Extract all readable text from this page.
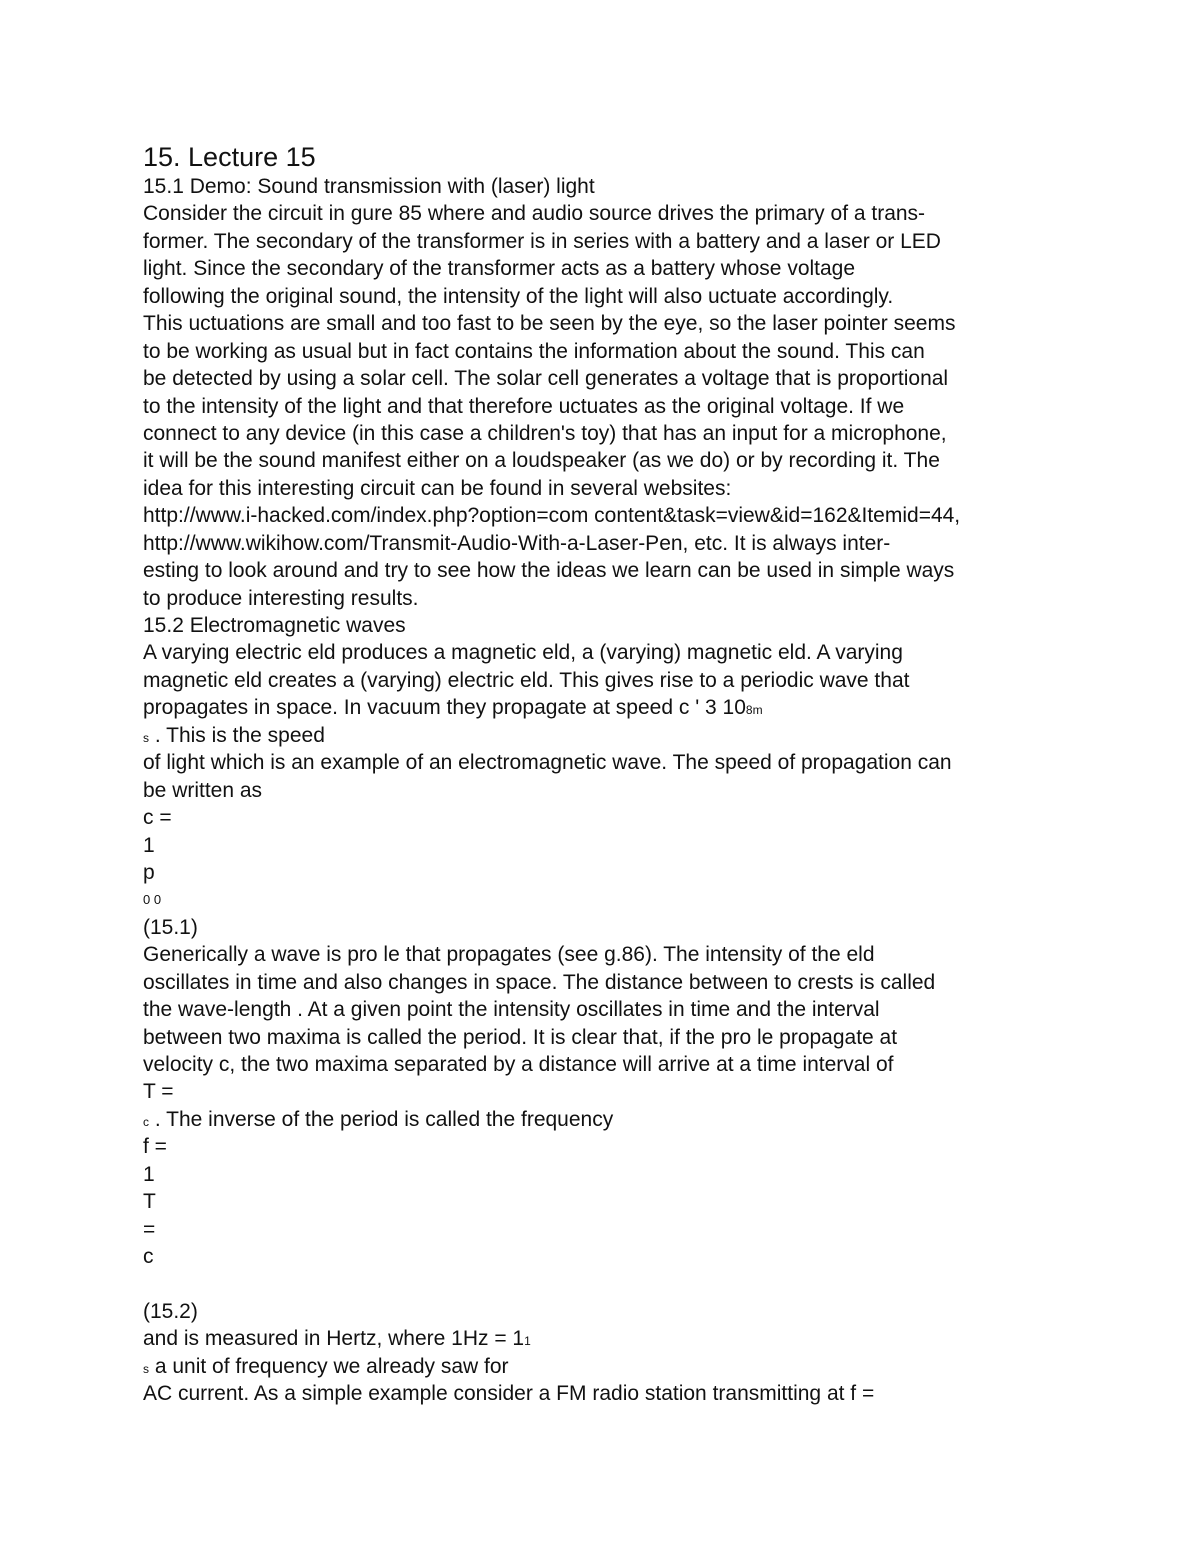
15. Lecture 15
15.1 Demo: Sound transmission with (laser) light
Consider the circuit in gure 85 where and audio source drives the primary of a trans-
former. The secondary of the transformer is in series with a battery and a laser or LED
light. Since the secondary of the transformer acts as a battery whose voltage
following the original sound, the intensity of the light will also uctuate accordingly.
This uctuations are small and too fast to be seen by the eye, so the laser pointer seems
to be working as usual but in fact contains the information about the sound. This can
be detected by using a solar cell. The solar cell generates a voltage that is proportional
to the intensity of the light and that therefore uctuates as the original voltage. If we
connect to any device (in this case a children's toy) that has an input for a microphone,
it will be the sound manifest either on a loudspeaker (as we do) or by recording it. The
idea for this interesting circuit can be found in several websites:
http://www.i-hacked.com/index.php?option=com content&task=view&id=162&Itemid=44,
http://www.wikihow.com/Transmit-Audio-With-a-Laser-Pen, etc. It is always inter-
esting to look around and try to see how the ideas we learn can be used in simple ways
to produce interesting results.
15.2 Electromagnetic waves
A varying electric eld produces a magnetic eld, a (varying) magnetic eld. A varying
magnetic eld creates a (varying) electric eld. This gives rise to a periodic wave that
propagates in space. In vacuum they propagate at speed c ' 3 108m
s . This is the speed
of light which is an example of an electromagnetic wave. The speed of propagation can
be written as
c =
1
p
0 0
(15.1)
Generically a wave is pro le that propagates (see g.86). The intensity of the eld
oscillates in time and also changes in space. The distance between to crests is called
the wave-length . At a given point the intensity oscillates in time and the interval
between two maxima is called the period. It is clear that, if the pro le propagate at
velocity c, the two maxima separated by a distance will arrive at a time interval of
T =
c . The inverse of the period is called the frequency
f =
1
T
=
c
(15.2)
and is measured in Hertz, where 1Hz = 11
s a unit of frequency we already saw for
AC current. As a simple example consider a FM radio station transmitting at f =
